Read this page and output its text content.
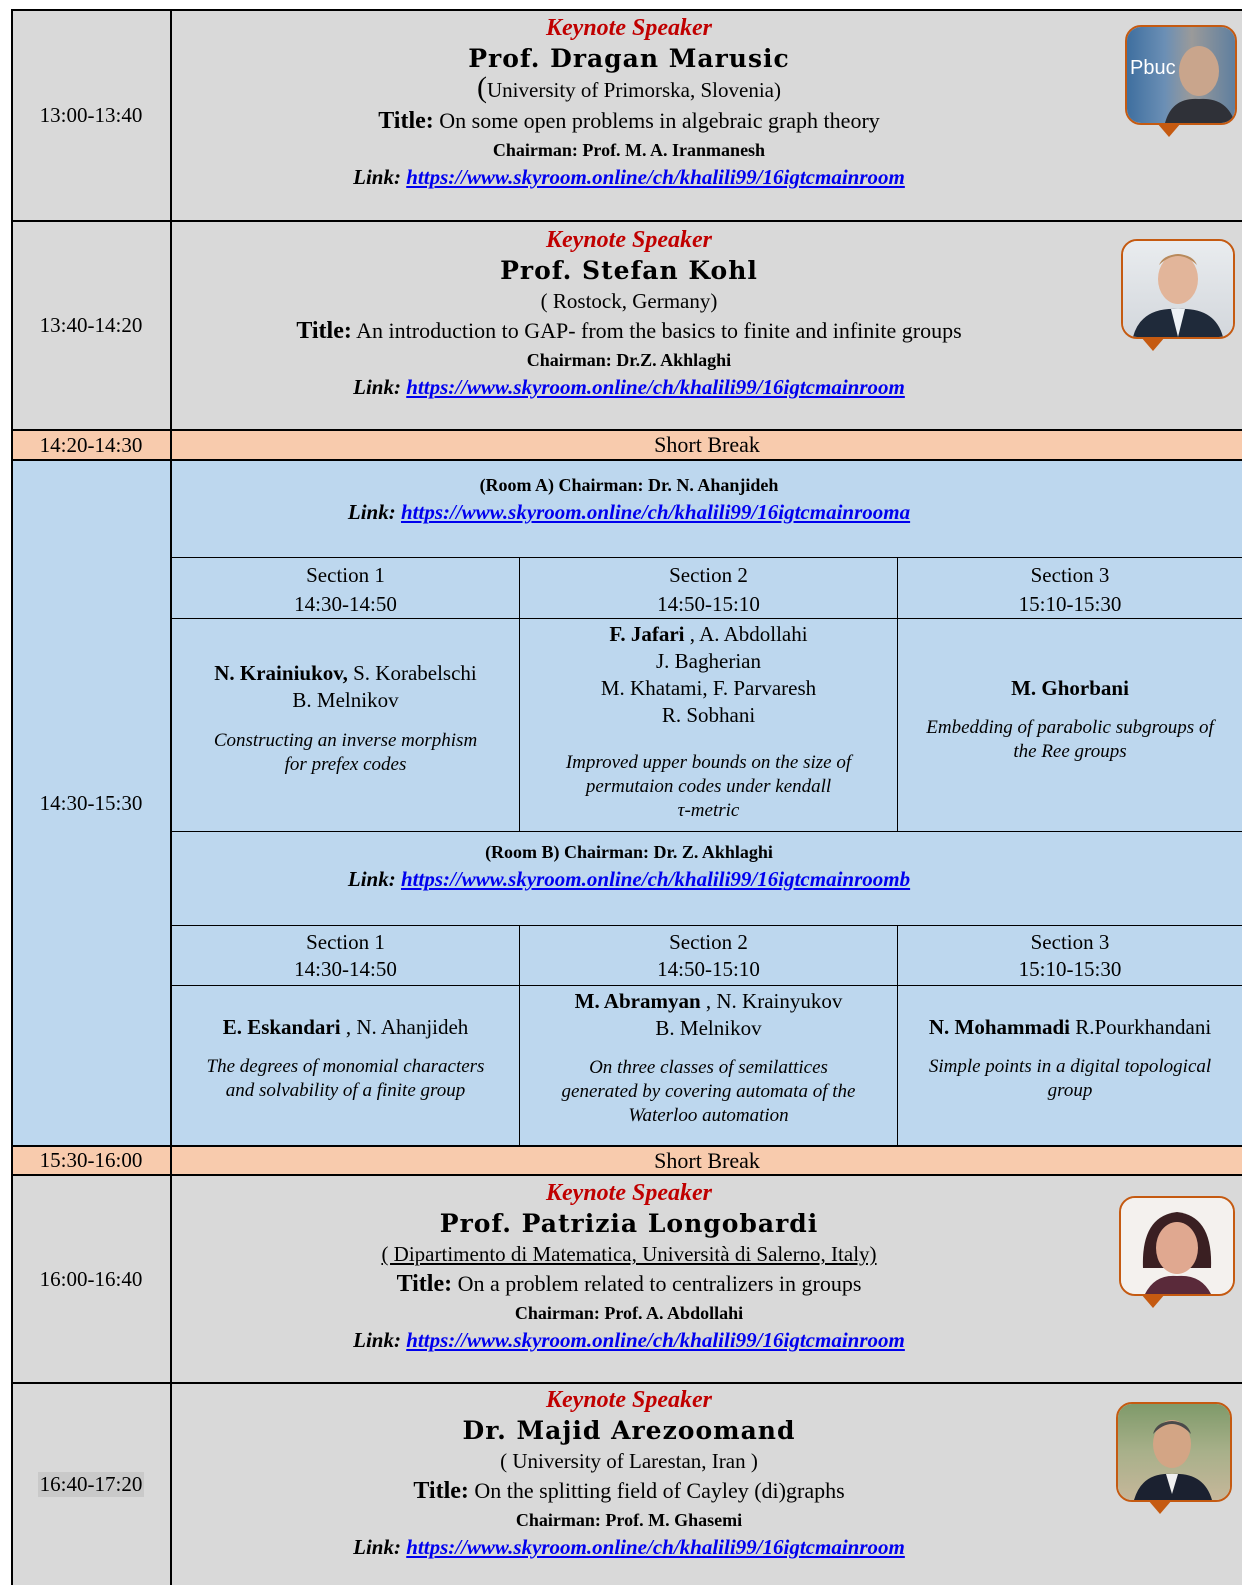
13:00-13:40
Keynote Speaker
Prof. Dragan Marusic
(University of Primorska, Slovenia)
Title: On some open problems in algebraic graph theory
Chairman: Prof. M. A. Iranmanesh
Link: https://www.skyroom.online/ch/khalili99/16igtcmainroom
Pbuc
13:40-14:20
Keynote Speaker
Prof. Stefan Kohl
( Rostock, Germany)
Title: An introduction to GAP- from the basics to finite and infinite groups
Chairman: Dr.Z. Akhlaghi
Link: https://www.skyroom.online/ch/khalili99/16igtcmainroom
14:20-14:30	Short Break
14:30-15:30
(Room A) Chairman: Dr. N. Ahanjideh
Link: https://www.skyroom.online/ch/khalili99/16igtcmainrooma
Section 1
14:30-14:50
Section 2
14:50-15:10
Section 3
15:10-15:30
N. Krainiukov, S. Korabelschi
B. Melnikov
Constructing an inverse morphism
for prefex codes
F. Jafari , A. Abdollahi
J. Bagherian
M. Khatami, F. Parvaresh
R. Sobhani
Improved upper bounds on the size of
permutaion codes under kendall
τ-metric
M. Ghorbani
Embedding of parabolic subgroups of
the Ree groups
(Room B) Chairman: Dr. Z. Akhlaghi
Link: https://www.skyroom.online/ch/khalili99/16igtcmainroomb
Section 1
14:30-14:50
Section 2
14:50-15:10
Section 3
15:10-15:30
E. Eskandari , N. Ahanjideh
The degrees of monomial characters
and solvability of a finite group
M. Abramyan , N. Krainyukov
B. Melnikov
On three classes of semilattices
generated by covering automata of the
Waterloo automation
N. Mohammadi R.Pourkhandani
Simple points in a digital topological
group
15:30-16:00	Short Break
16:00-16:40
Keynote Speaker
Prof. Patrizia Longobardi
( Dipartimento di Matematica, Università di Salerno, Italy)
Title: On a problem related to centralizers in groups
Chairman: Prof. A. Abdollahi
Link: https://www.skyroom.online/ch/khalili99/16igtcmainroom
16:40-17:20
Keynote Speaker
Dr. Majid Arezoomand
( University of Larestan, Iran )
Title: On the splitting field of Cayley (di)graphs
Chairman: Prof. M. Ghasemi
Link: https://www.skyroom.online/ch/khalili99/16igtcmainroom
